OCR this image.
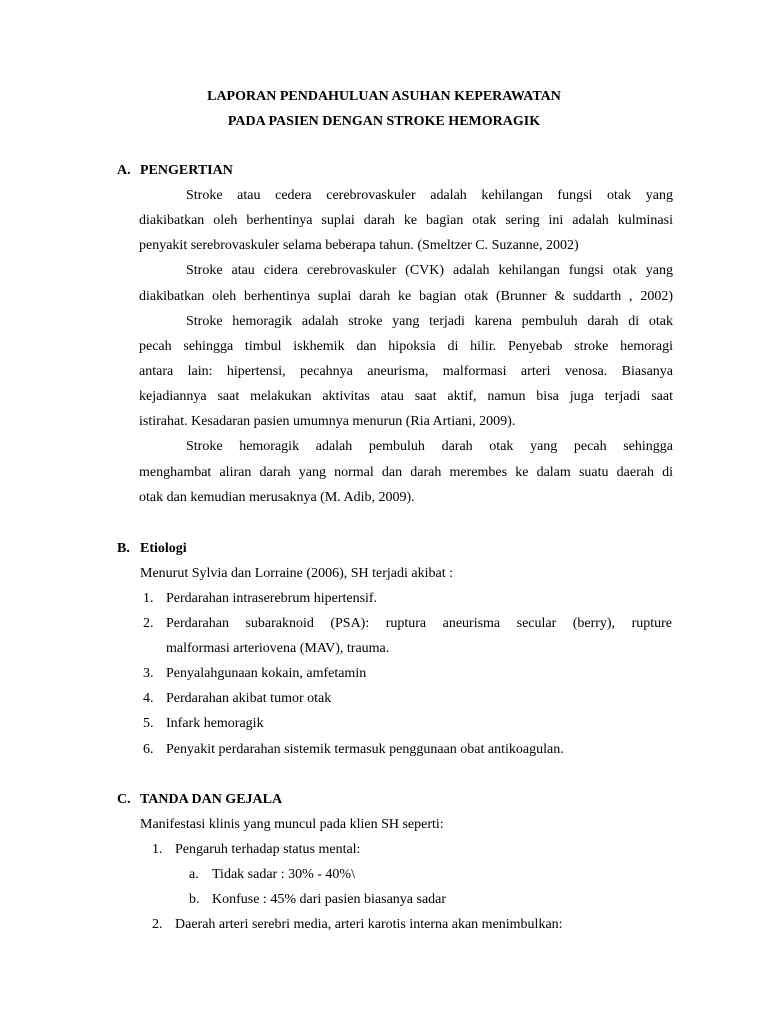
LAPORAN PENDAHULUAN ASUHAN KEPERAWATAN
PADA PASIEN DENGAN STROKE HEMORAGIK
A. PENGERTIAN
Stroke atau cedera cerebrovaskuler adalah kehilangan fungsi otak yang
diakibatkan oleh berhentinya suplai darah ke bagian otak sering ini adalah kulminasi
penyakit serebrovaskuler selama beberapa tahun. (Smeltzer C. Suzanne, 2002)
Stroke atau cidera cerebrovaskuler (CVK) adalah kehilangan fungsi otak yang
diakibatkan oleh berhentinya suplai darah ke bagian otak (Brunner & suddarth , 2002)
Stroke hemoragik adalah stroke yang terjadi karena pembuluh darah di otak
pecah sehingga timbul iskhemik dan hipoksia di hilir. Penyebab stroke hemoragi
antara lain: hipertensi, pecahnya aneurisma, malformasi arteri venosa. Biasanya
kejadiannya saat melakukan aktivitas atau saat aktif, namun bisa juga terjadi saat
istirahat. Kesadaran pasien umumnya menurun (Ria Artiani, 2009).
Stroke hemoragik adalah pembuluh darah otak yang pecah sehingga
menghambat aliran darah yang normal dan darah merembes ke dalam suatu daerah di
otak dan kemudian merusaknya (M. Adib, 2009).
B. Etiologi
Menurut Sylvia dan Lorraine (2006), SH terjadi akibat :
1. Perdarahan intraserebrum hipertensif.
2. Perdarahan subaraknoid (PSA): ruptura aneurisma secular (berry), rupture
malformasi arteriovena (MAV), trauma.
3. Penyalahgunaan kokain, amfetamin
4. Perdarahan akibat tumor otak
5. Infark hemoragik
6. Penyakit perdarahan sistemik termasuk penggunaan obat antikoagulan.
C. TANDA DAN GEJALA
Manifestasi klinis yang muncul pada klien SH seperti:
1. Pengaruh terhadap status mental:
a. Tidak sadar : 30% - 40%\
b. Konfuse : 45% dari pasien biasanya sadar
2. Daerah arteri serebri media, arteri karotis interna akan menimbulkan:
